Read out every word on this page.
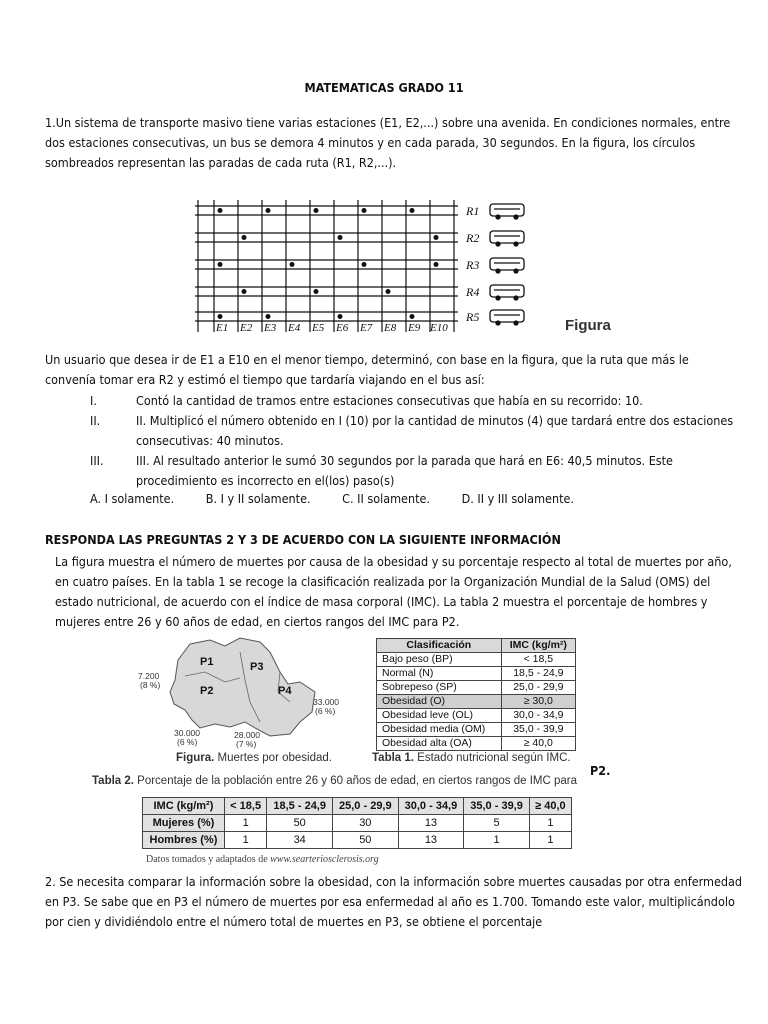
MATEMATICAS GRADO 11
1.Un sistema de transporte masivo tiene varias estaciones (E1, E2,...) sobre una avenida. En condiciones normales, entre dos estaciones consecutivas, un bus se demora 4 minutos y en cada parada, 30 segundos. En la figura, los círculos sombreados representan las paradas de cada ruta (R1, R2,...).
R1
R2
R3
R4
R5
E1 E2 E3 E4 E5 E6 E7 E8 E9 E10	Figura
Un usuario que desea ir de E1 a E10 en el menor tiempo, determinó, con base en la figura, que la ruta que más le convenía tomar era R2 y estimó el tiempo que tardaría viajando en el bus así:
I.	Contó la cantidad de tramos entre estaciones consecutivas que había en su recorrido: 10.
II.	II. Multiplicó el número obtenido en I (10) por la cantidad de minutos (4) que tardará entre dos estaciones consecutivas: 40 minutos.
III.	III. Al resultado anterior le sumó 30 segundos por la parada que hará en E6: 40,5 minutos. Este procedimiento es incorrecto en el(los) paso(s)
A. I solamente.	B. I y II solamente.	C. II solamente.	D. II y III solamente.
RESPONDA LAS PREGUNTAS 2 Y 3 DE ACUERDO CON LA SIGUIENTE INFORMACIÓN
La figura muestra el número de muertes por causa de la obesidad y su porcentaje respecto al total de muertes por año, en cuatro países. En la tabla 1 se recoge la clasificación realizada por la Organización Mundial de la Salud (OMS) del estado nutricional, de acuerdo con el índice de masa corporal (IMC). La tabla 2 muestra el porcentaje de hombres y mujeres entre 26 y 60 años de edad, en ciertos rangos del IMC para P2.
P1
P2
P3
P4
7.200
(8 %)
30.000
(6 %)
28.000
(7 %)
33.000
(6 %)
Figura. Muertes por obesidad.
Clasificación	IMC (kg/m²)
Bajo peso (BP)	< 18,5
Normal (N)	18,5 - 24,9
Sobrepeso (SP)	25,0 - 29,9
Obesidad (O)	≥ 30,0
Obesidad leve (OL)	30,0 - 34,9
Obesidad media (OM)	35,0 - 39,9
Obesidad alta (OA)	≥ 40,0
Tabla 1. Estado nutricional según IMC.
Tabla 2. Porcentaje de la población entre 26 y 60 años de edad, en ciertos rangos de IMC para
P2.
IMC (kg/m²)	< 18,5	18,5 - 24,9	25,0 - 29,9	30,0 - 34,9	35,0 - 39,9	≥ 40,0
Mujeres (%)	1	50	30	13	5	1
Hombres (%)	1	34	50	13	1	1
Datos tomados y adaptados de www.searteriosclerosis.org
2. Se necesita comparar la información sobre la obesidad, con la información sobre muertes causadas por otra enfermedad en P3. Se sabe que en P3 el número de muertes por esa enfermedad al año es 1.700. Tomando este valor, multiplicándolo por cien y dividiéndolo entre el número total de muertes en P3, se obtiene el porcentaje
